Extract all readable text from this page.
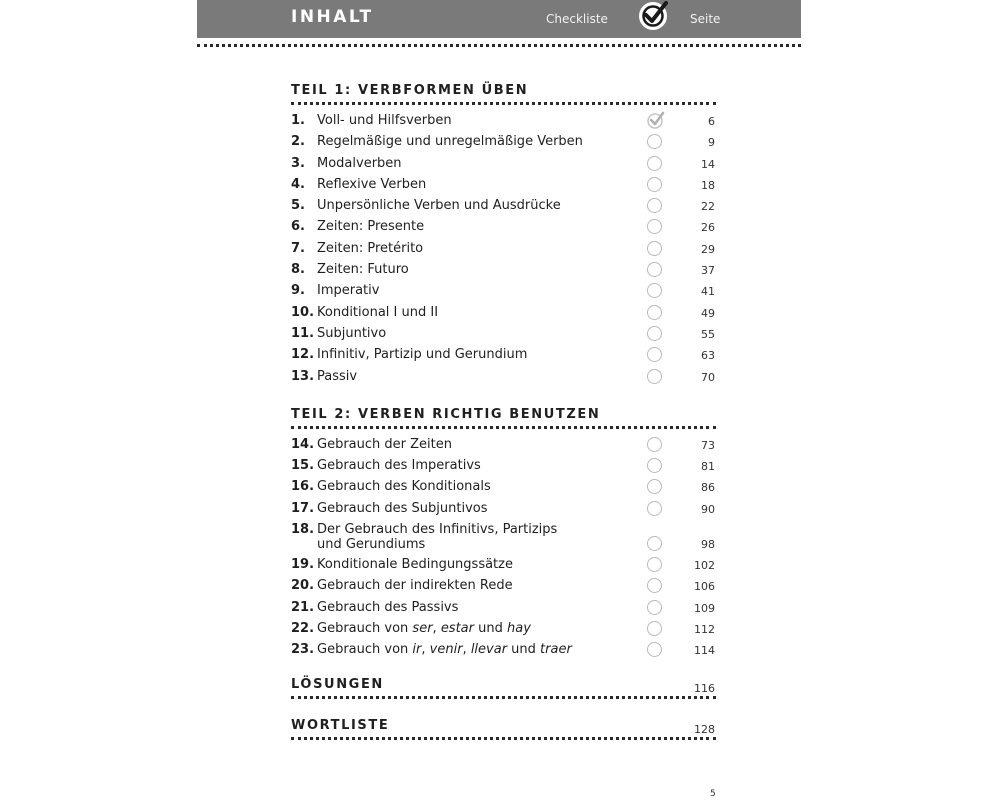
INHALT	Checkliste	Seite
TEIL 1: VERBFORMEN ÜBEN
1. Voll- und Hilfsverben	6
2. Regelmäßige und unregelmäßige Verben	9
3. Modalverben	14
4. Reflexive Verben	18
5. Unpersönliche Verben und Ausdrücke	22
6. Zeiten: Presente	26
7. Zeiten: Pretérito	29
8. Zeiten: Futuro	37
9. Imperativ	41
10. Konditional I und II	49
11. Subjuntivo	55
12. Infinitiv, Partizip und Gerundium	63
13. Passiv	70
TEIL 2: VERBEN RICHTIG BENUTZEN
14. Gebrauch der Zeiten	73
15. Gebrauch des Imperativs	81
16. Gebrauch des Konditionals	86
17. Gebrauch des Subjuntivos	90
18. Der Gebrauch des Infinitivs, Partizips
und Gerundiums	98
19. Konditionale Bedingungssätze	102
20. Gebrauch der indirekten Rede	106
21. Gebrauch des Passivs	109
22. Gebrauch von ser, estar und hay	112
23. Gebrauch von ir, venir, llevar und traer	114
LÖSUNGEN	116
WORTLISTE	128
5
